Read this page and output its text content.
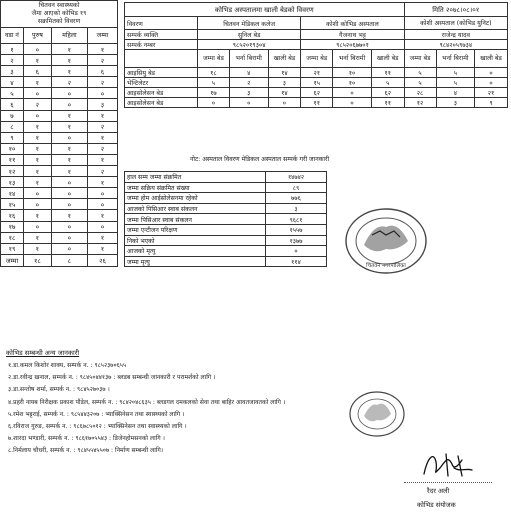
चितवन स्वास्थ्यको
जैमा आएको कोभिड १९
सक्रमितको विवरण			

वडा नं	पुरुष	महिला	जम्मा
१	०	१	१
२	१	१	२
३	६	१	६
४	१	२	२
५	०	०	०
६	२	०	३
७	०	१	१
८	१	१	२
९	१	०	१
१०	१	१	२
११	१	१	१
१२	१	१	२
१३	१	०	१
१४	०	०	०
१५	०	०	०
१६	१	१	१
१७	०	०	०
१८	१	०	१
१९	१	०	१
जम्मा	१८	८	२६
कोभिड अस्पतालमा खाली बेडको विवरण							मिति २०७८।०८।०१		
विवरण	चितवन मेडिकल कलेज			कोशी कोभिड अस्पताल			कोशी अस्पताल (कोभिड युनिट)		
सम्पर्क व्यक्ति	सुनिल बेड			गैजनाथ भट्ट			राजेन्द्र यादव		
सम्पर्क नम्बर	९८५२०१९३०४			९८५२०६७७०१			९८४२०५९७३४		
	जम्मा बेड	भर्ना बिरामी	खाली बेड	जम्मा बेड	भर्ना बिरामी	खाली बेड	जम्मा बेड	भर्ना बिरामी	खाली बेड
आइसियु बेड	१८	४	१४	२१	१०	११	५	५	०
भेन्टिलेटर	५	२	३	१५	१०	५	५	५	०
आइसोलेसन बेड	१७	३	१४	६२	०	६२	२८	४	२१
आइसोलेसन बेड	०	०	०	११	०	११	१२	३	९
नोट: अस्पताल विवरण मेडिकल अस्पताल सम्पर्क गरी जानकारी
हाल सम्म जम्मा संक्रमित	१४७४२
जम्मा सक्रिय संक्रमित संख्या	८९
जम्मा होम आईसोलेसनमा रहेको	७७६
आजको पिसिआर स्वाब संकलन	३
जम्मा पिसिआर स्वाब संकलन	९६८१
जम्मा एन्टीजन परिक्षण	१५५७
निको भएको	१३७७
आजको मृत्यु	०
जम्मा मृत्यु	११४	चितवन नगरपालिका
कोभिड सम्बन्धी अन्य जानकारी
१.डा.कमल किशोर शाक्य, सम्पर्क न. : ९८५२३७०६५५
२.डा.रवीन्द्र खनाल, सम्पर्क न. : ९८४५०४४१३७ : ब्लडब सम्बन्धी जानकारी र परामर्शको लागि ।
३.डा.सन्तोष शर्मा, सम्पर्क न. : ९८४५२७०३७ ।
४.प्रहरी नायब निरीक्षक प्रकाश पौडेल, सम्पर्क न. : ९८४२०४८६३५ : ब्लडगल दमकलको सेवा तथा बाहिर आवतजावतको लागि ।
५.रमेश भट्टराई, सम्पर्क न. : ९८५४४३२०७ : भ्याक्सिनेसन तथा स्वास्थ्यको लागि ।
६.रविराज गुरुङ, सम्पर्क न. : ९८६७८५०१२ : भ्याक्सिनेसन तथा स्वास्थ्यको लागि ।
७.शारदा भण्डारी, सम्पर्क न. : ९८६१७०५५४३ : डिजेनहोमसनको लागि ।
८.निर्मलाय चौधरी, सम्पर्क न. : ९८४५५४५५०७ : निर्माण सम्बन्धी लागि।
रैदर अली
कोभिड संयोजक
